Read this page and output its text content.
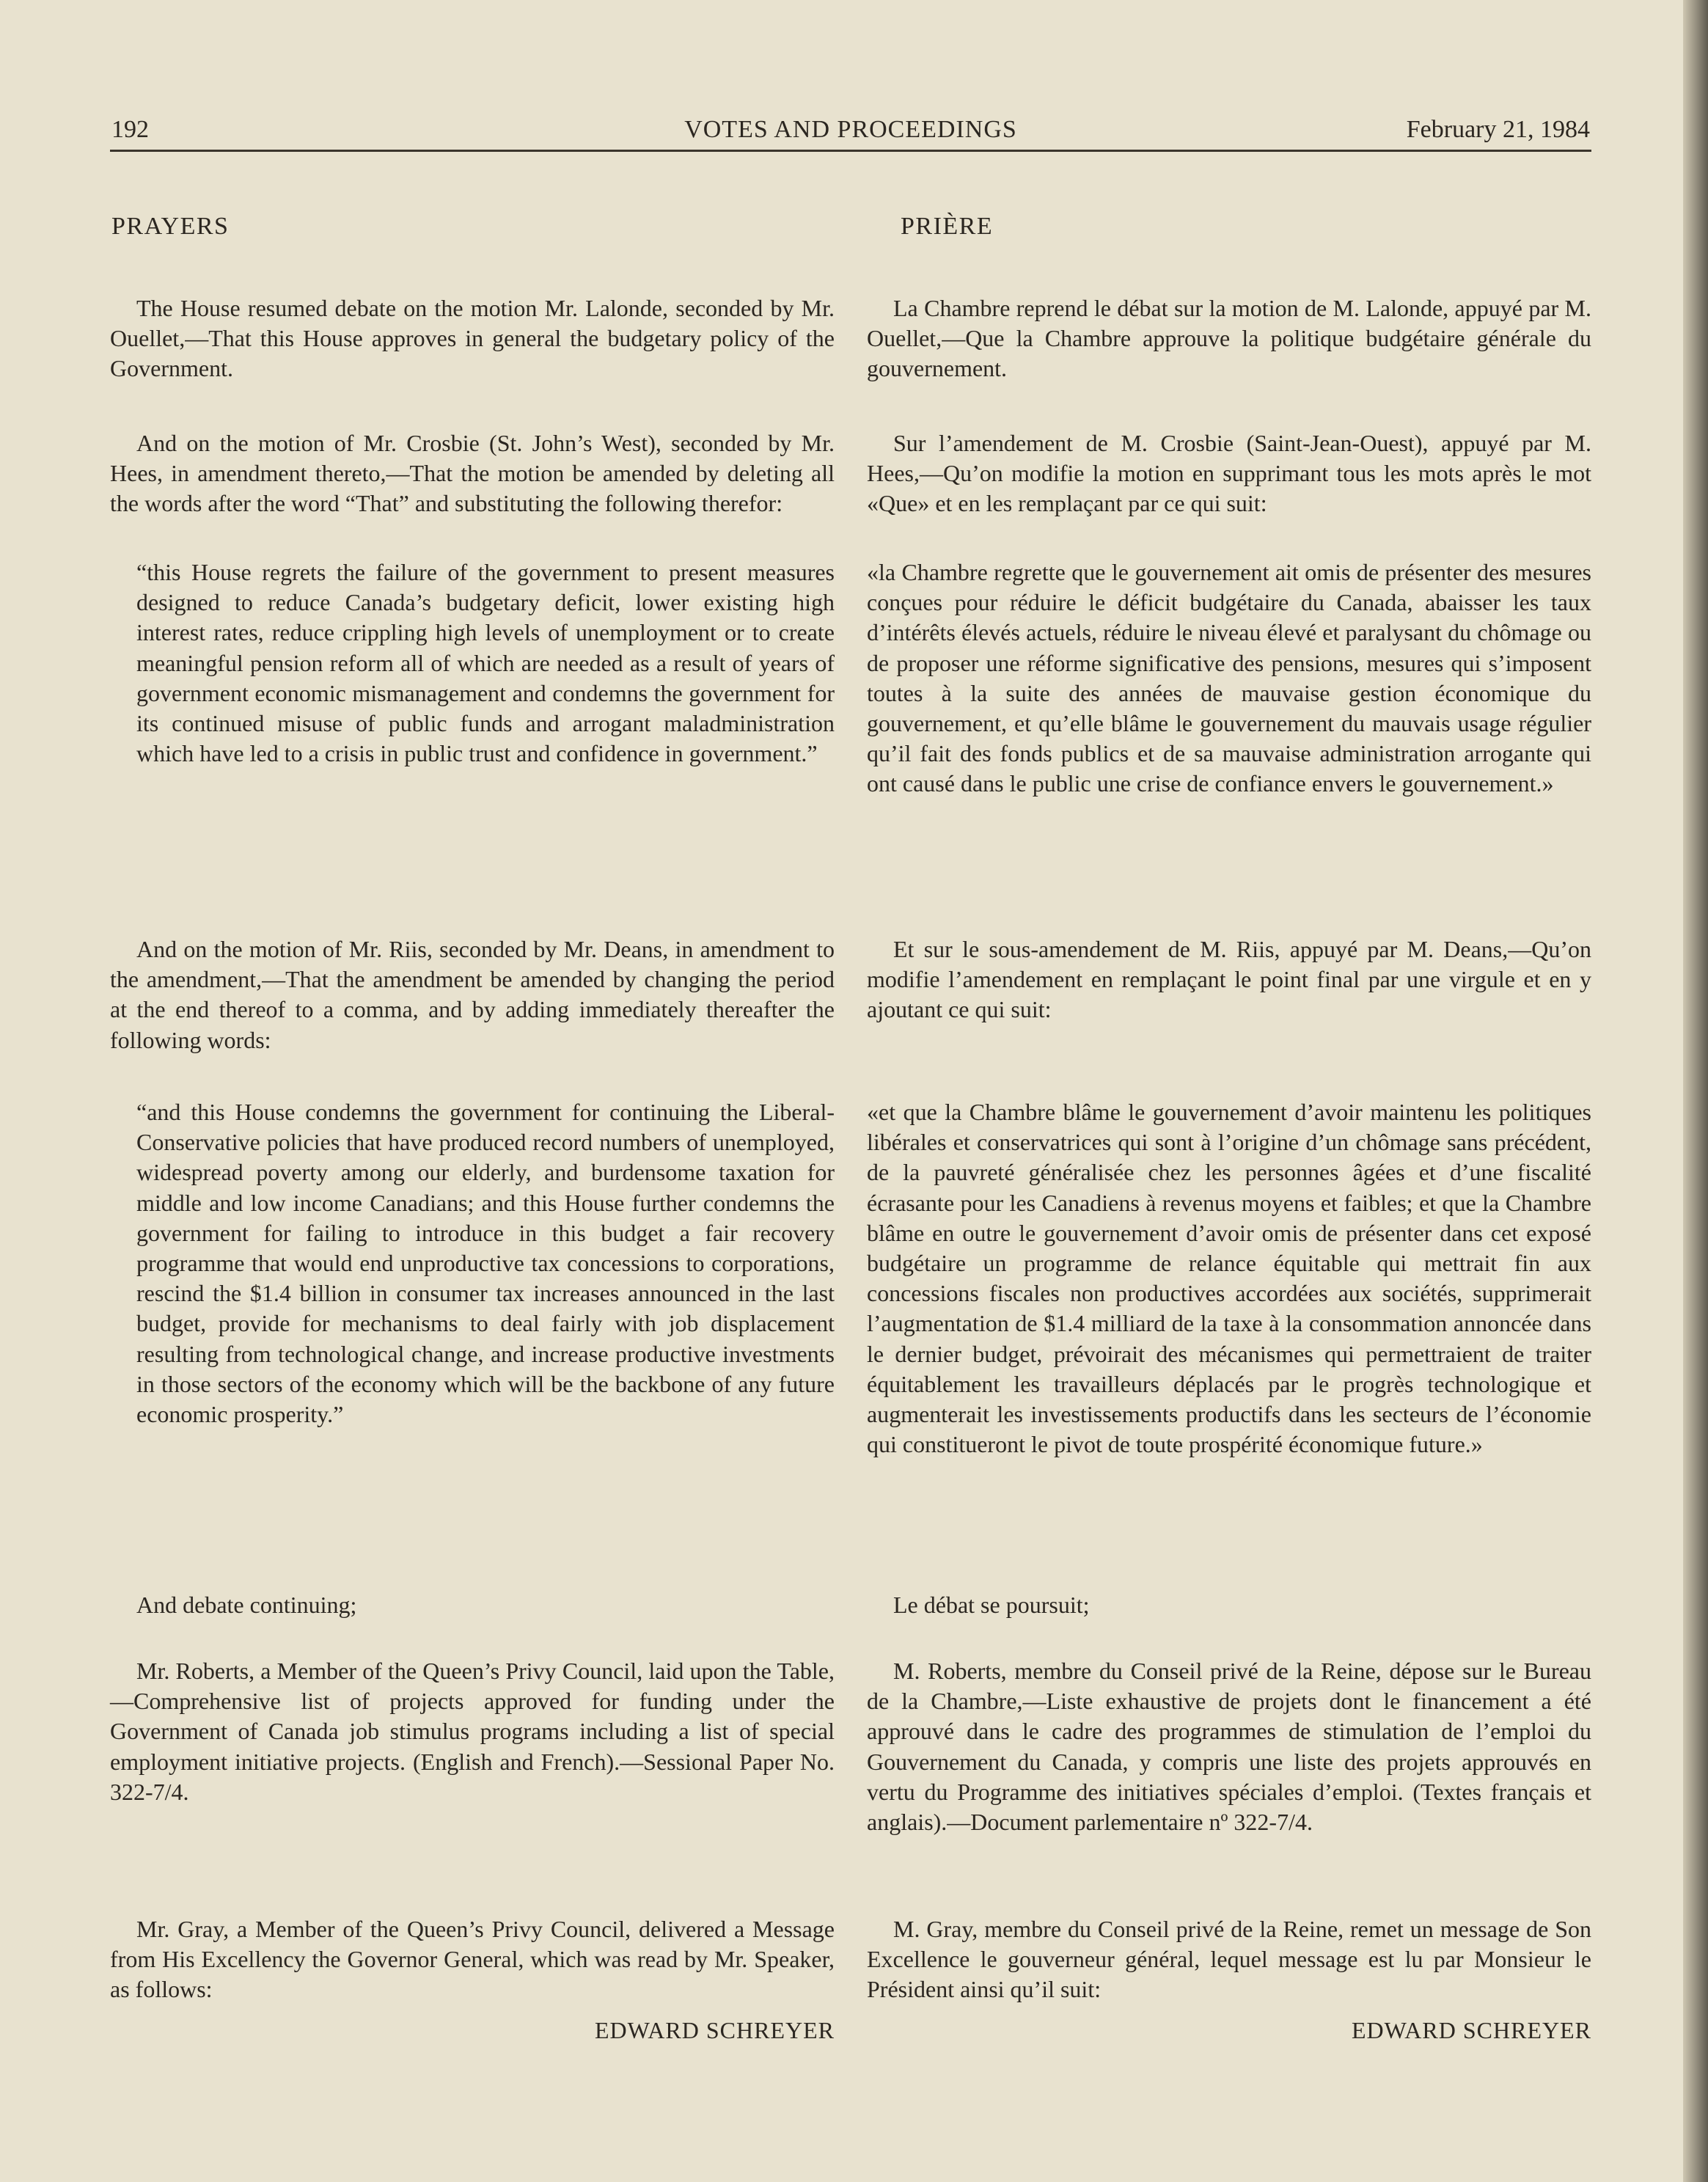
192	VOTES AND PROCEEDINGS	February 21, 1984
PRAYERS

The House resumed debate on the motion Mr. Lalonde, seconded by Mr. Ouellet,—That this House approves in general the budgetary policy of the Government.

And on the motion of Mr. Crosbie (St. John’s West), seconded by Mr. Hees, in amendment thereto,—That the motion be amended by deleting all the words after the word “That” and substituting the following therefor:

“this House regrets the failure of the government to present measures designed to reduce Canada’s budgetary deficit, lower existing high interest rates, reduce crippling high levels of unemployment or to create meaningful pension reform all of which are needed as a result of years of government economic mismanagement and condemns the government for its continued misuse of public funds and arrogant maladministration which have led to a crisis in public trust and confidence in government.”

And on the motion of Mr. Riis, seconded by Mr. Deans, in amendment to the amendment,—That the amendment be amended by changing the period at the end thereof to a comma, and by adding immediately thereafter the following words:

“and this House condemns the government for continuing the Liberal-Conservative policies that have produced record numbers of unemployed, widespread poverty among our elderly, and burdensome taxation for middle and low income Canadians; and this House further condemns the government for failing to introduce in this budget a fair recovery programme that would end unproductive tax concessions to corporations, rescind the $1.4 billion in consumer tax increases announced in the last budget, provide for mechanisms to deal fairly with job displacement resulting from technological change, and increase productive investments in those sectors of the economy which will be the backbone of any future economic prosperity.”

And debate continuing;

Mr. Roberts, a Member of the Queen’s Privy Council, laid upon the Table,—Comprehensive list of projects approved for funding under the Government of Canada job stimulus programs including a list of special employment initiative projects. (English and French).—Sessional Paper No. 322-7/4.

Mr. Gray, a Member of the Queen’s Privy Council, delivered a Message from His Excellency the Governor General, which was read by Mr. Speaker, as follows:

EDWARD SCHREYER
PRIÈRE

La Chambre reprend le débat sur la motion de M. Lalonde, appuyé par M. Ouellet,—Que la Chambre approuve la politique budgétaire générale du gouvernement.

Sur l’amendement de M. Crosbie (Saint-Jean-Ouest), appuyé par M. Hees,—Qu’on modifie la motion en supprimant tous les mots après le mot «Que» et en les remplaçant par ce qui suit:

«la Chambre regrette que le gouvernement ait omis de présenter des mesures conçues pour réduire le déficit budgétaire du Canada, abaisser les taux d’intérêts élevés actuels, réduire le niveau élevé et paralysant du chômage ou de proposer une réforme significative des pensions, mesures qui s’imposent toutes à la suite des années de mauvaise gestion économique du gouvernement, et qu’elle blâme le gouvernement du mauvais usage régulier qu’il fait des fonds publics et de sa mauvaise administration arrogante qui ont causé dans le public une crise de confiance envers le gouvernement.»

Et sur le sous-amendement de M. Riis, appuyé par M. Deans,—Qu’on modifie l’amendement en remplaçant le point final par une virgule et en y ajoutant ce qui suit:

«et que la Chambre blâme le gouvernement d’avoir maintenu les politiques libérales et conservatrices qui sont à l’origine d’un chômage sans précédent, de la pauvreté généralisée chez les personnes âgées et d’une fiscalité écrasante pour les Canadiens à revenus moyens et faibles; et que la Chambre blâme en outre le gouvernement d’avoir omis de présenter dans cet exposé budgétaire un programme de relance équitable qui mettrait fin aux concessions fiscales non productives accordées aux sociétés, supprimerait l’augmentation de $1.4 milliard de la taxe à la consommation annoncée dans le dernier budget, prévoirait des mécanismes qui permettraient de traiter équitablement les travailleurs déplacés par le progrès technologique et augmenterait les investissements productifs dans les secteurs de l’économie qui constitueront le pivot de toute prospérité économique future.»

Le débat se poursuit;

M. Roberts, membre du Conseil privé de la Reine, dépose sur le Bureau de la Chambre,—Liste exhaustive de projets dont le financement a été approuvé dans le cadre des programmes de stimulation de l’emploi du Gouvernement du Canada, y compris une liste des projets approuvés en vertu du Programme des initiatives spéciales d’emploi. (Textes français et anglais).—Document parlementaire nº 322-7/4.

M. Gray, membre du Conseil privé de la Reine, remet un message de Son Excellence le gouverneur général, lequel message est lu par Monsieur le Président ainsi qu’il suit:

EDWARD SCHREYER
